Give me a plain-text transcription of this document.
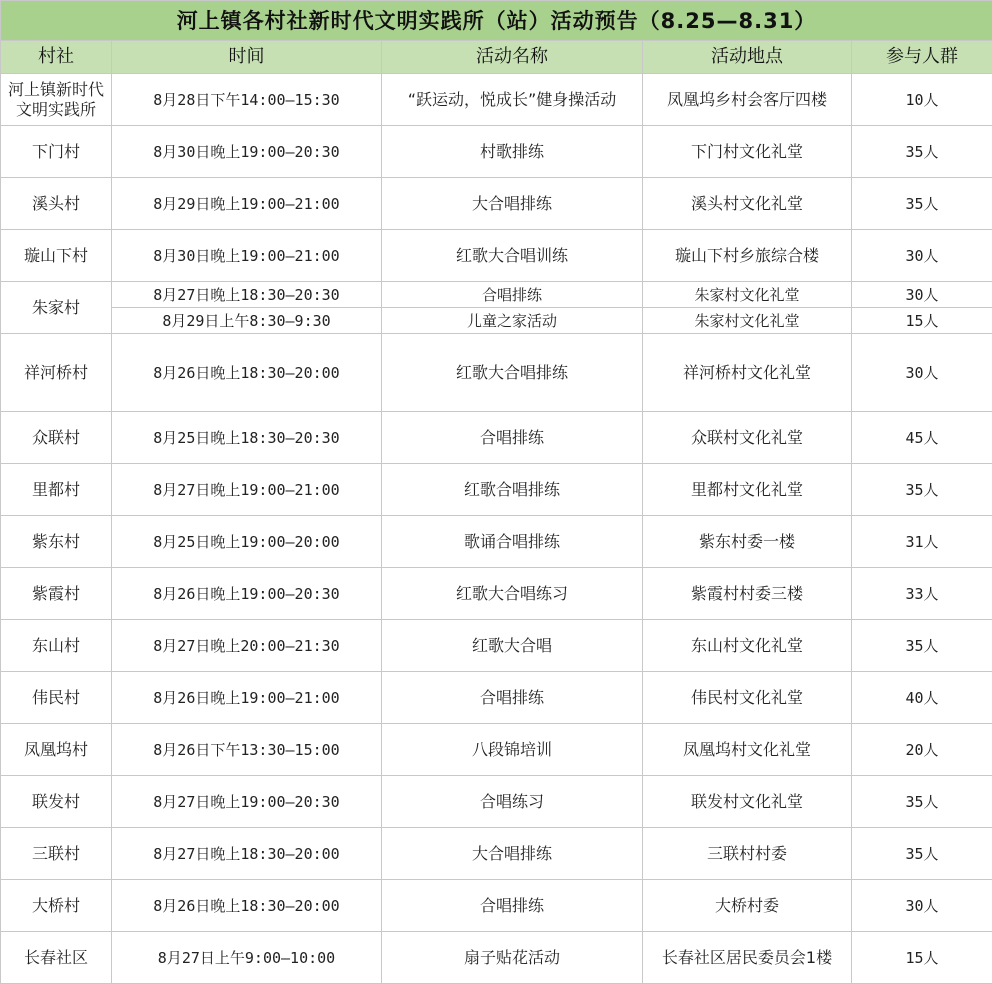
河上镇各村社新时代文明实践所（站）活动预告（8.25—8.31）				
村社	时间	活动名称	活动地点	参与人群
河上镇新时代文明实践所	8月28日下午14:00—15:30	“跃运动，悦成长”健身操活动	凤凰坞乡村会客厅四楼	10人
下门村	8月30日晚上19:00—20:30	村歌排练	下门村文化礼堂	35人
溪头村	8月29日晚上19:00—21:00	大合唱排练	溪头村文化礼堂	35人
璇山下村	8月30日晚上19:00—21:00	红歌大合唱训练	璇山下村乡旅综合楼	30人
朱家村	8月27日晚上18:30—20:30	合唱排练	朱家村文化礼堂	30人
	8月29日上午8:30—9:30	儿童之家活动	朱家村文化礼堂	15人
祥河桥村	8月26日晚上18:30—20:00	红歌大合唱排练	祥河桥村文化礼堂	30人
众联村	8月25日晚上18:30—20:30	合唱排练	众联村文化礼堂	45人
里都村	8月27日晚上19:00—21:00	红歌合唱排练	里都村文化礼堂	35人
紫东村	8月25日晚上19:00—20:00	歌诵合唱排练	紫东村委一楼	31人
紫霞村	8月26日晚上19:00—20:30	红歌大合唱练习	紫霞村村委三楼	33人
东山村	8月27日晚上20:00—21:30	红歌大合唱	东山村文化礼堂	35人
伟民村	8月26日晚上19:00—21:00	合唱排练	伟民村文化礼堂	40人
凤凰坞村	8月26日下午13:30—15:00	八段锦培训	凤凰坞村文化礼堂	20人
联发村	8月27日晚上19:00—20:30	合唱练习	联发村文化礼堂	35人
三联村	8月27日晚上18:30—20:00	大合唱排练	三联村村委	35人
大桥村	8月26日晚上18:30—20:00	合唱排练	大桥村委	30人
长春社区	8月27日上午9:00—10:00	扇子贴花活动	长春社区居民委员会1楼	15人
